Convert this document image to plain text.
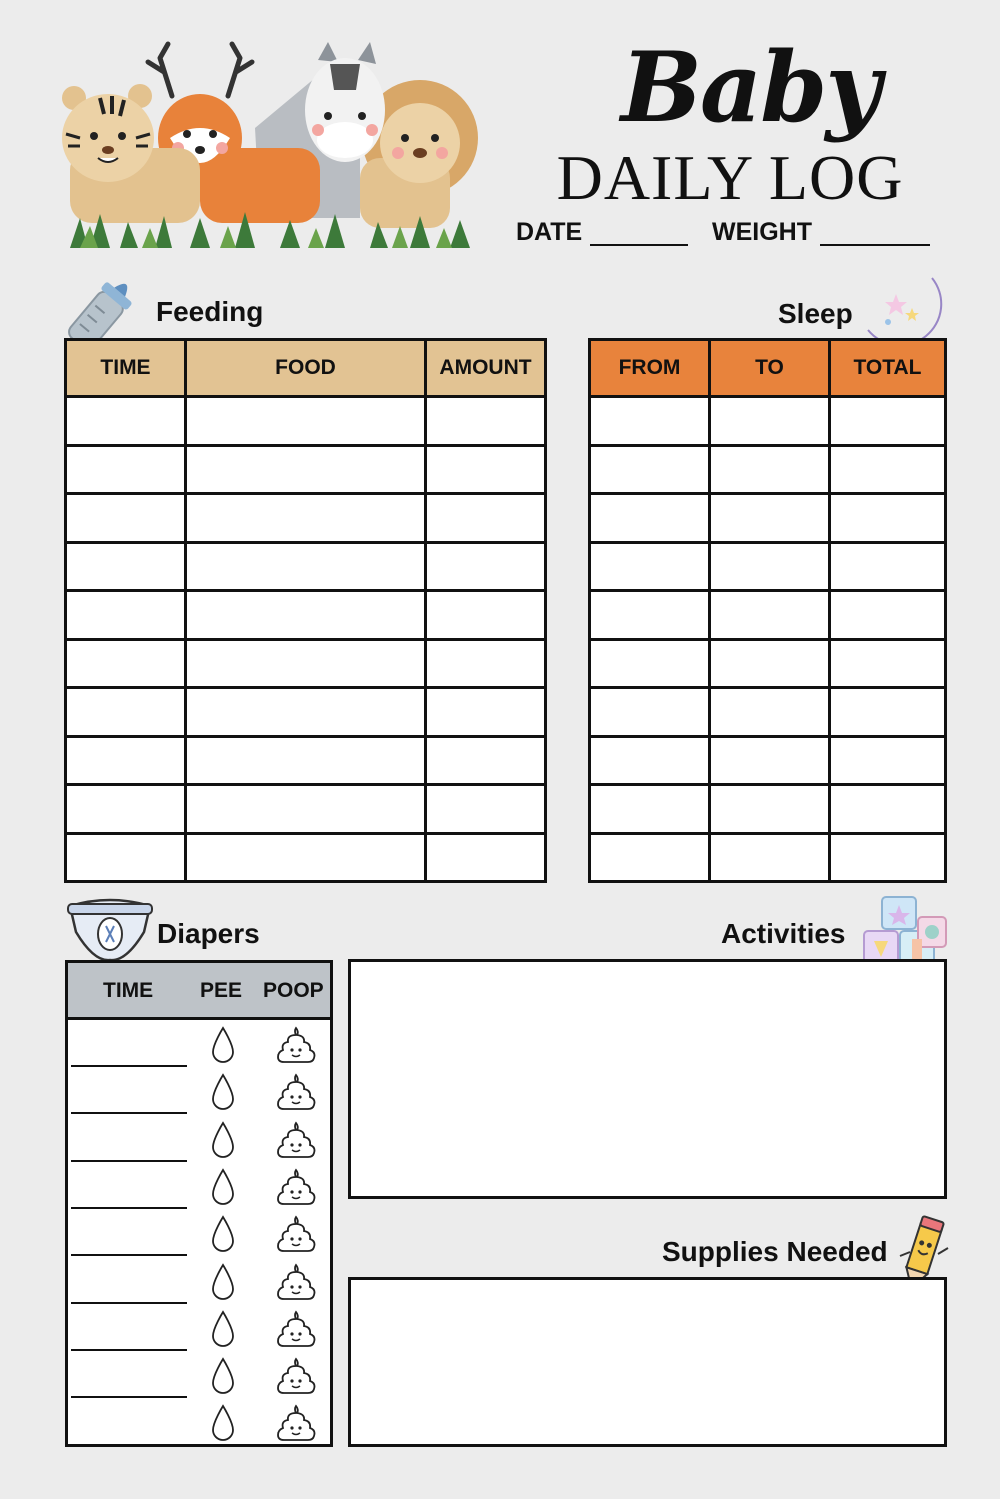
Baby
DAILY LOG
DATE	WEIGHT
Feeding
TIME	FOOD	AMOUNT

Sleep
FROM	TO	TOTAL

Diapers
TIME PEE POOP
Activities
Supplies Needed
